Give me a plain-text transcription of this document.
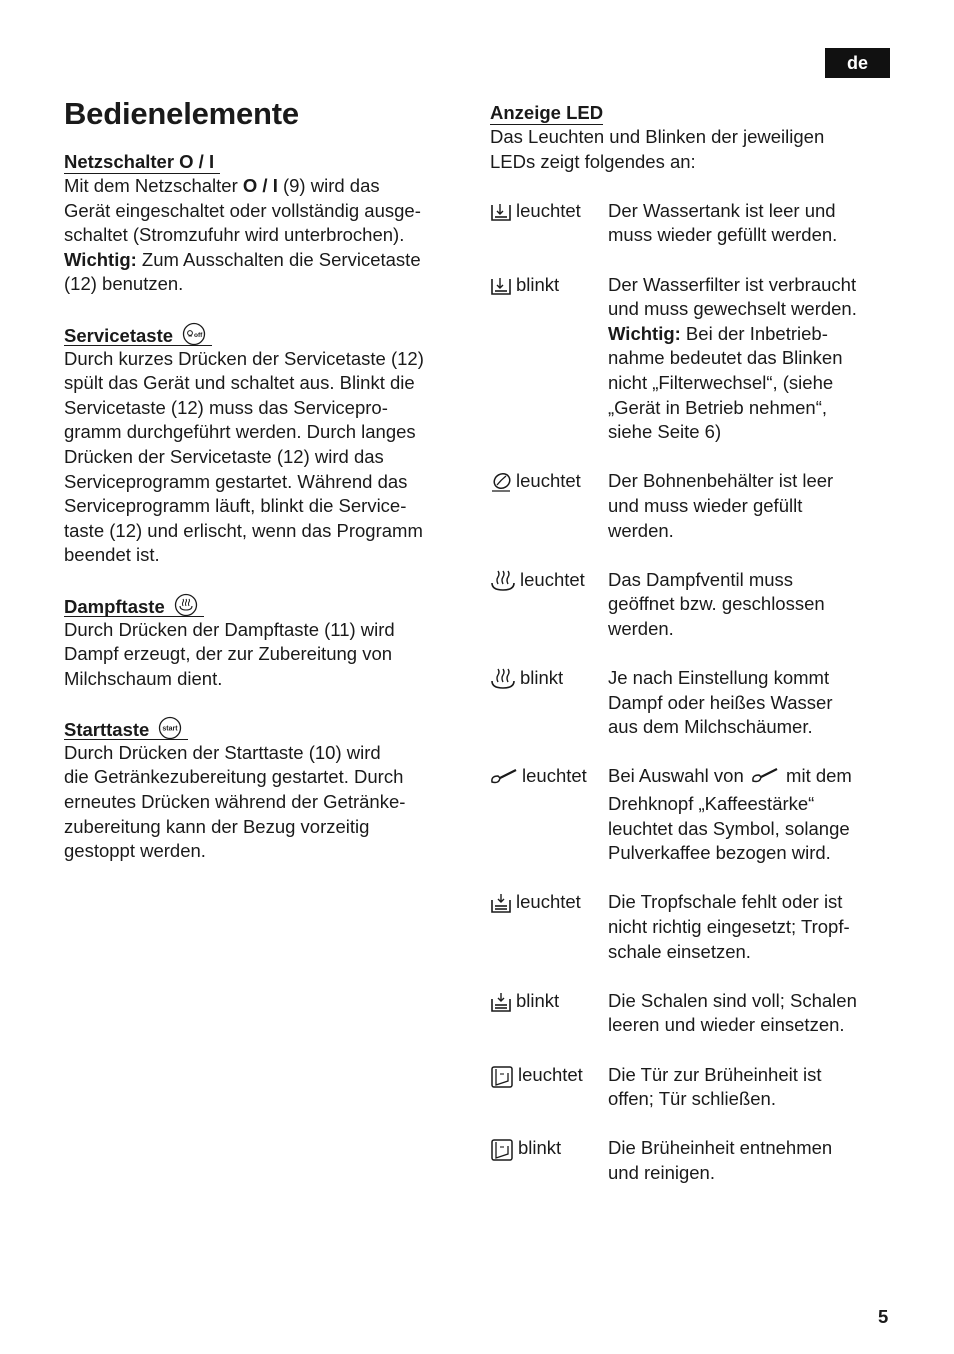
de
Bedienelemente
Netzschalter O / I

Mit dem Netzschalter O / I (9) wird das
Gerät eingeschaltet oder vollständig ausge-
schaltet (Stromzufuhr wird unterbrochen).
Wichtig: Zum Ausschalten die Servicetaste
(12) benutzen.

Servicetaste	off

Durch kurzes Drücken der Servicetaste (12)
spült das Gerät und schaltet aus. Blinkt die
Servicetaste (12) muss das Servicepro-
gramm durchgeführt werden. Durch langes
Drücken der Servicetaste (12) wird das
Serviceprogramm gestartet. Während das
Serviceprogramm läuft, blinkt die Service-
taste (12) und erlischt, wenn das Programm
beendet ist.

Dampftaste

Durch Drücken der Dampftaste (11) wird
Dampf erzeugt, der zur Zubereitung von
Milchschaum dient.

Starttaste start

Durch Drücken der Starttaste (10) wird
die Getränkezubereitung gestartet. Durch
erneutes Drücken während der Getränke-
zubereitung kann der Bezug vorzeitig
gestoppt werden.

Anzeige LED

Das Leuchten und Blinken der jeweiligen
LEDs zeigt folgendes an:

leuchtet Der Wassertank ist leer und
muss wieder gefüllt werden.
blinkt	Der Wasserfilter ist verbraucht
und muss gewechselt werden.
Wichtig: Bei der Inbetrieb-
nahme bedeutet das Blinken
nicht „Filterwechsel“, (siehe
„Gerät in Betrieb nehmen“,
siehe Seite 6)
leuchtet Der Bohnenbehälter ist leer
und muss wieder gefüllt
werden.
leuchtet Das Dampfventil muss
geöffnet bzw. geschlossen
werden.
blinkt Je nach Einstellung kommt
Dampf oder heißes Wasser
aus dem Milchschäumer.
leuchtet Bei Auswahl von  mit dem
Drehknopf „Kaffeestärke“
leuchtet das Symbol, solange
Pulverkaffee bezogen wird.
leuchtet Die Tropfschale fehlt oder ist
nicht richtig eingesetzt; Tropf-
schale einsetzen.
blinkt	Die Schalen sind voll; Schalen
leeren und wieder einsetzen.
leuchtet Die Tür zur Brüheinheit ist
offen; Tür schließen.
blinkt	Die Brüheinheit entnehmen
und reinigen.
5
